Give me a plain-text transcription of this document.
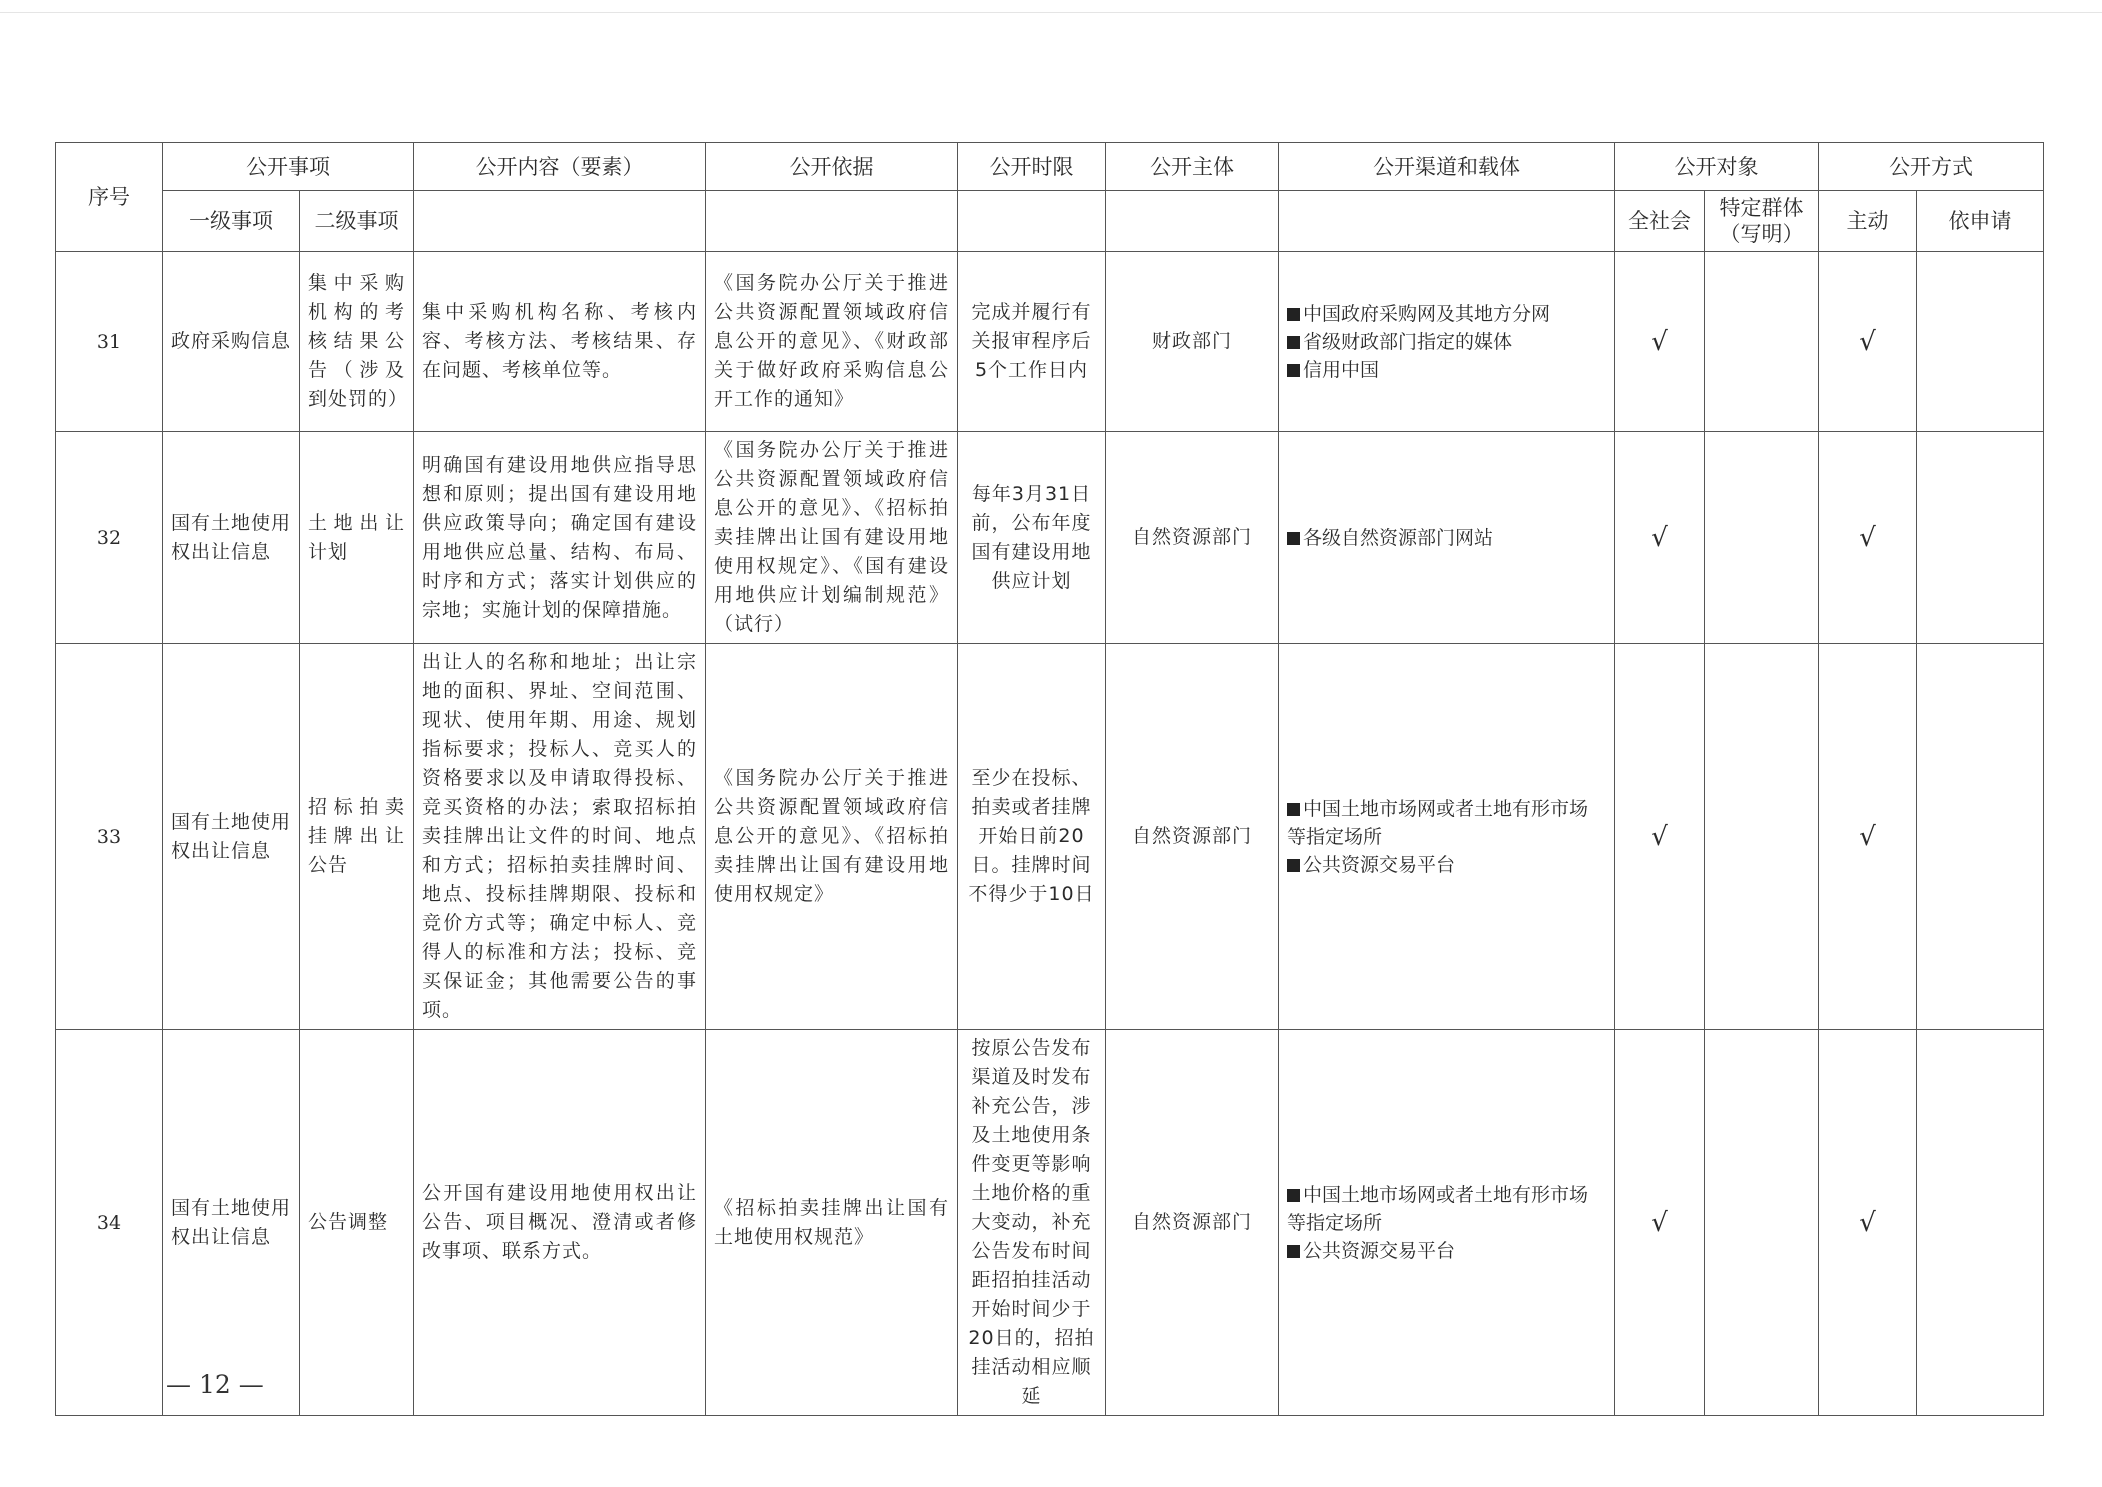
序号	公开事项		公开内容（要素）	公开依据	公开时限	公开主体	公开渠道和载体	公开对象		公开方式	
	一级事项	二级事项						全社会	特定群体（写明）	主动	依申请
31	政府采购信息	集中采购机构的考核结果公告（涉及到处罚的）	集中采购机构名称、考核内容、考核方法、考核结果、存在问题、考核单位等。	《国务院办公厅关于推进公共资源配置领域政府信息公开的意见》、《财政部关于做好政府采购信息公开工作的通知》	完成并履行有关报审程序后5个工作日内	财政部门	中国政府采购网及其地方分网
省级财政部门指定的媒体
信用中国	√		√	
32	国有土地使用权出让信息	土地出让计划	明确国有建设用地供应指导思想和原则；提出国有建设用地供应政策导向；确定国有建设用地供应总量、结构、布局、时序和方式；落实计划供应的宗地；实施计划的保障措施。	《国务院办公厅关于推进公共资源配置领域政府信息公开的意见》、《招标拍卖挂牌出让国有建设用地使用权规定》、《国有建设用地供应计划编制规范》（试行）	每年3月31日前，公布年度国有建设用地供应计划	自然资源部门	各级自然资源部门网站	√		√	
33	国有土地使用权出让信息	招标拍卖挂牌出让公告	出让人的名称和地址；出让宗地的面积、界址、空间范围、现状、使用年期、用途、规划指标要求；投标人、竞买人的资格要求以及申请取得投标、竞买资格的办法；索取招标拍卖挂牌出让文件的时间、地点和方式；招标拍卖挂牌时间、地点、投标挂牌期限、投标和竞价方式等；确定中标人、竞得人的标准和方法；投标、竞买保证金；其他需要公告的事项。	《国务院办公厅关于推进公共资源配置领域政府信息公开的意见》、《招标拍卖挂牌出让国有建设用地使用权规定》	至少在投标、拍卖或者挂牌开始日前20日。挂牌时间不得少于10日	自然资源部门	中国土地市场网或者土地有形市场等指定场所
公共资源交易平台	√		√	
34	国有土地使用权出让信息	公告调整	公开国有建设用地使用权出让公告、项目概况、澄清或者修改事项、联系方式。	《招标拍卖挂牌出让国有土地使用权规范》	按原公告发布渠道及时发布补充公告，涉及土地使用条件变更等影响土地价格的重大变动，补充公告发布时间距招拍挂活动开始时间少于20日的，招拍挂活动相应顺延	自然资源部门	中国土地市场网或者土地有形市场等指定场所
公共资源交易平台	√		√	
— 12 —
